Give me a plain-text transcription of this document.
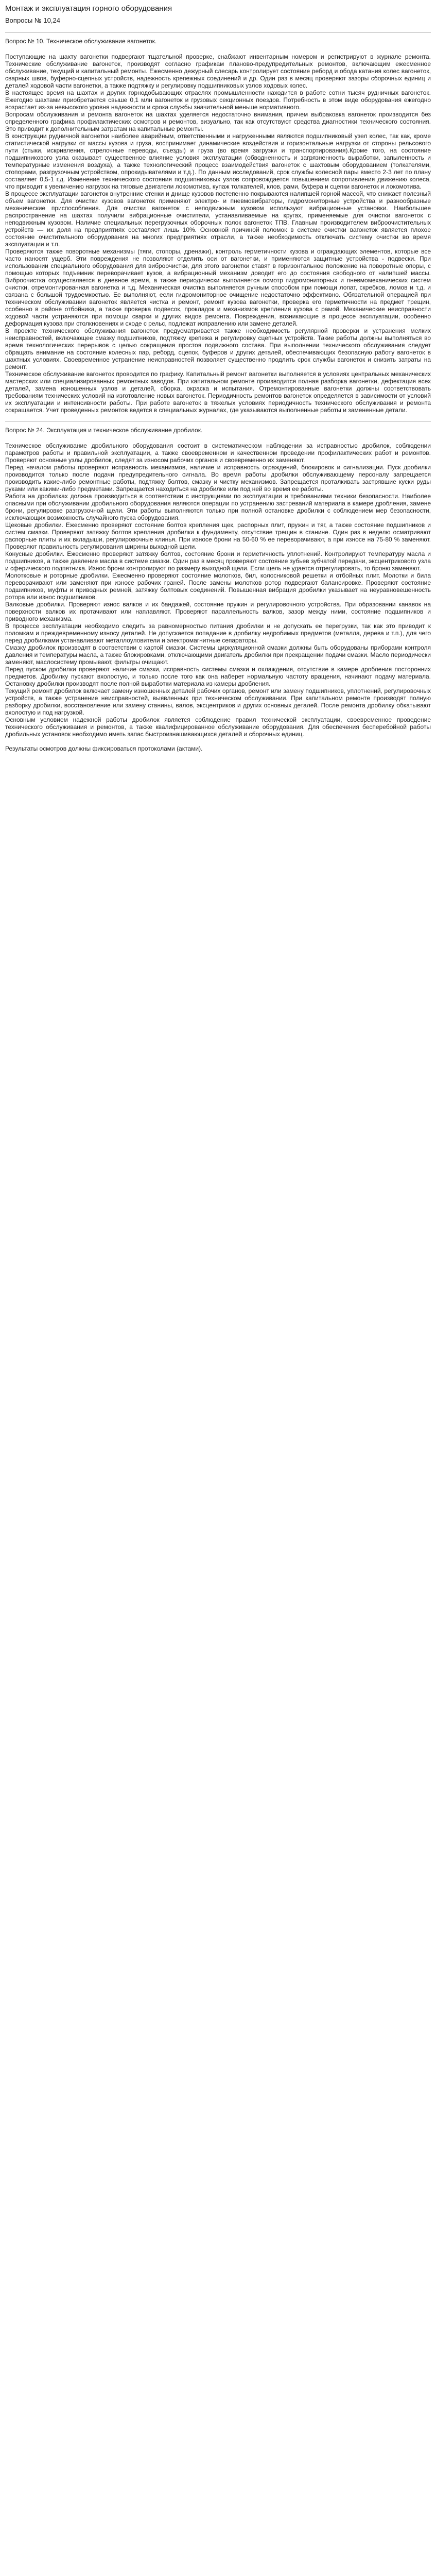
Монтаж и эксплуатация горного оборудования
Вопросы № 10,24
Вопрос № 10. Техническое обслуживание вагонеток.

Поступающие на шахту вагонетки подвергают тщательной проверке, снабжают инвентарным номером и регистрируют в журнале ремонта. Технические обслуживание вагонеток, производят согласно графикам планово-предупредительных ремонтов, включающим ежесменное обслуживание, текущий и капитальный ремонты. Ежесменно дежурный слесарь контролирует состояние реборд и обода катания колес вагонеток, сварных швов, буферно-сцепных устройств, надежность крепежных соединений и др. Один раз в месяц проверяют зазоры сборочных единиц и деталей ходовой части вагонетки, а также подтяжку и регулировку подшипниковых узлов ходовых колес.

В настоящее время на шахтах и других горнодобывающих отраслях промышленности находится в работе сотни тысяч рудничных вагонеток. Ежегодно шахтами приобретается свыше 0,1 млн вагонеток и грузовых секционных поездов. Потребность в этом виде оборудования ежегодно возрастает из-за невысокого уровня надежности и срока службы значительной меньше нормативного.

Вопросам обслуживания и ремонта вагонеток на шахтах уделяется недостаточно внимания, причем выбраковка вагонеток производится без определенного графика профилактических осмотров и ремонтов, визуально, так как отсутствуют средства диагностики технического состояния. Это приводит к дополнительным затратам на капитальные ремонты.

В конструкции рудничной вагонетки наиболее аварийным, ответственными и нагруженными являются подшипниковый узел колес, так как, кроме статистической нагрузки от массы кузова и груза, воспринимает динамические воздействия и горизонтальные нагрузки от стороны рельсового пути (стыки, искривления, стрелочные переводы, съезды) и груза (во время загрузки и транспортирования).Кроме того, на состояние подшипникового узла оказывает существенное влияние условия эксплуатации (обводненность и загрязненность выработки, запыленность и температурные изменения воздуха), а также технологический процесс взаимодействия вагонеток с шахтовым оборудованием (толкателями, стопорами, разгрузочным устройством, опрокидывателями и т.д.). По данным исследований, срок службы колесной пары вместо 2-3 лет по плану составляет 0,5-1 г.д. Изменение технического состояния подшипниковых узлов сопровождается повышением сопротивления движению колеса, что приводит к увеличению нагрузок на тяговые двигатели локомотива, купаж толкателей, клов, рами, буфера и сцепки вагонеток и локомотива.

В процессе эксплуатации вагонеток внутренние стенки и днище кузовов постепенно покрываются налипшей горной массой, что снижает полезный объем вагонетки. Для очистки кузовов вагонеток применяют электро- и пневмовибраторы, гидромониторные устройства и разнообразные механические приспособления. Для очистки вагонеток с неподвижным кузовом используют вибрационные установки. Наибольшее распространение на шахтах получили вибрационные очистители, устанавливаемые на кругах, применяемые для очистки вагонеток с неподвижным кузовом. Наличие специальных перегрузочных оборочных полок вагонеток ТПВ. Главным производителем виброочистительных устройств — их доля на предприятиях составляет лишь 10%. Основной причиной поломок в системе очистки вагонеток является плохое состояние очистительного оборудования на многих предприятиях отрасли, а также необходимость отключать систему очистки во время эксплуатации и т.п.

Проверяются также поворотные механизмы (тяги, стопоры, дренажи), контроль герметичности кузова и ограждающих элементов, которые все часто наносят ущерб. Эти повреждения не позволяют отделить оси от вагонетки, и применяются защитные устройства - подвески. При использовании специального оборудования для виброочистки, для этого вагонетки ставят в горизонтальное положение на поворотные опоры, с помощью которых подъемник переворачивает кузов, а вибрационный механизм доводит его до состояния свободного от налипшей массы. Виброочистка осуществляется в дневное время, а также периодически выполняется осмотр гидромониторных и пневмомеханических систем очистки, отремонтированная вагонетка и т.д. Механическая очистка выполняется ручным способом при помощи лопат, скребков, ломов и т.д. и связана с большой трудоемкостью. Ее выполняют, если гидромониторное очищение недостаточно эффективно. Обязательной операцией при техническом обслуживании вагонеток является чистка и ремонт, ремонт кузова вагонетки, проверка его герметичности на предмет трещин, особенно в районе отбойника, а также проверка подвесок, прокладок и механизмов крепления кузова с рамой. Механические неисправности ходовой части устраняются при помощи сварки и других видов ремонта. Повреждения, возникающие в процессе эксплуатации, особенно деформация кузова при столкновениях и сходе с рельс, подлежат исправлению или замене деталей.

В проекте технического обслуживания вагонеток предусматривается также необходимость регулярной проверки и устранения мелких неисправностей, включающее смазку подшипников, подтяжку крепежа и регулировку сцепных устройств. Такие работы должны выполняться во время технологических перерывов с целью сокращения простоя подвижного состава. При выполнении технического обслуживания следует обращать внимание на состояние колесных пар, реборд, сцепок, буферов и других деталей, обеспечивающих безопасную работу вагонеток в шахтных условиях. Своевременное устранение неисправностей позволяет существенно продлить срок службы вагонеток и снизить затраты на ремонт.

Техническое обслуживание вагонеток проводится по графику. Капитальный ремонт вагонетки выполняется в условиях центральных механических мастерских или специализированных ремонтных заводов. При капитальном ремонте производится полная разборка вагонетки, дефектация всех деталей, замена изношенных узлов и деталей, сборка, окраска и испытания. Отремонтированные вагонетки должны соответствовать требованиям технических условий на изготовление новых вагонеток. Периодичность ремонтов вагонеток определяется в зависимости от условий их эксплуатации и интенсивности работы. При работе вагонеток в тяжелых условиях периодичность технического обслуживания и ремонта сокращается. Учет проведенных ремонтов ведется в специальных журналах, где указываются выполненные работы и замененные детали.

Вопрос № 24. Эксплуатация и техническое обслуживание дробилок.

Техническое обслуживание дробильного оборудования состоит в систематическом наблюдении за исправностью дробилок, соблюдении параметров работы и правильной эксплуатации, а также своевременном и качественном проведении профилактических работ и ремонтов. Проверяют основные узлы дробилок, следят за износом рабочих органов и своевременно их заменяют.

Перед началом работы проверяют исправность механизмов, наличие и исправность ограждений, блокировок и сигнализации. Пуск дробилки производится только после подачи предупредительного сигнала. Во время работы дробилки обслуживающему персоналу запрещается производить какие-либо ремонтные работы, подтяжку болтов, смазку и чистку механизмов. Запрещается проталкивать застрявшие куски руды руками или какими-либо предметами. Запрещается находиться на дробилке или под ней во время ее работы.

Работа на дробилках должна производиться в соответствии с инструкциями по эксплуатации и требованиями техники безопасности. Наиболее опасными при обслуживании дробильного оборудования являются операции по устранению застреваний материала в камере дробления, замене брони, регулировке разгрузочной щели. Эти работы выполняются только при полной остановке дробилки с соблюдением мер безопасности, исключающих возможность случайного пуска оборудования.

Щековые дробилки. Ежесменно проверяют состояние болтов крепления щек, распорных плит, пружин и тяг, а также состояние подшипников и систем смазки. Проверяют затяжку болтов крепления дробилки к фундаменту, отсутствие трещин в станине. Один раз в неделю осматривают распорные плиты и их вкладыши, регулировочные клинья. При износе брони на 50-60 % ее переворачивают, а при износе на 75-80 % заменяют. Проверяют правильность регулирования ширины выходной щели.

Конусные дробилки. Ежесменно проверяют затяжку болтов, состояние брони и герметичность уплотнений. Контролируют температуру масла и подшипников, а также давление масла в системе смазки. Один раз в месяц проверяют состояние зубьев зубчатой передачи, эксцентрикового узла и сферического подпятника. Износ брони контролируют по размеру выходной щели. Если щель не удается отрегулировать, то броню заменяют.

Молотковые и роторные дробилки. Ежесменно проверяют состояние молотков, бил, колосниковой решетки и отбойных плит. Молотки и била переворачивают или заменяют при износе рабочих граней. После замены молотков ротор подвергают балансировке. Проверяют состояние подшипников, муфты и приводных ремней, затяжку болтовых соединений. Повышенная вибрация дробилки указывает на неуравновешенность ротора или износ подшипников.

Валковые дробилки. Проверяют износ валков и их бандажей, состояние пружин и регулировочного устройства. При образовании канавок на поверхности валков их протачивают или наплавляют. Проверяют параллельность валков, зазор между ними, состояние подшипников и приводного механизма.

В процессе эксплуатации необходимо следить за равномерностью питания дробилки и не допускать ее перегрузки, так как это приводит к поломкам и преждевременному износу деталей. Не допускается попадание в дробилку недробимых предметов (металла, дерева и т.п.), для чего перед дробилками устанавливают металлоуловители и электромагнитные сепараторы.

Смазку дробилок производят в соответствии с картой смазки. Системы циркуляционной смазки должны быть оборудованы приборами контроля давления и температуры масла, а также блокировками, отключающими двигатель дробилки при прекращении подачи смазки. Масло периодически заменяют, маслосистему промывают, фильтры очищают.

Перед пуском дробилки проверяют наличие смазки, исправность системы смазки и охлаждения, отсутствие в камере дробления посторонних предметов. Дробилку пускают вхолостую, и только после того как она наберет нормальную частоту вращения, начинают подачу материала. Остановку дробилки производят после полной выработки материала из камеры дробления.

Текущий ремонт дробилок включает замену изношенных деталей рабочих органов, ремонт или замену подшипников, уплотнений, регулировочных устройств, а также устранение неисправностей, выявленных при техническом обслуживании. При капитальном ремонте производят полную разборку дробилки, восстановление или замену станины, валов, эксцентриков и других основных деталей. После ремонта дробилку обкатывают вхолостую и под нагрузкой.

Основным условием надежной работы дробилок является соблюдение правил технической эксплуатации, своевременное проведение технического обслуживания и ремонтов, а также квалифицированное обслуживание оборудования. Для обеспечения бесперебойной работы дробильных установок необходимо иметь запас быстроизнашивающихся деталей и сборочных единиц.

Результаты осмотров должны фиксироваться протоколами (актами).
